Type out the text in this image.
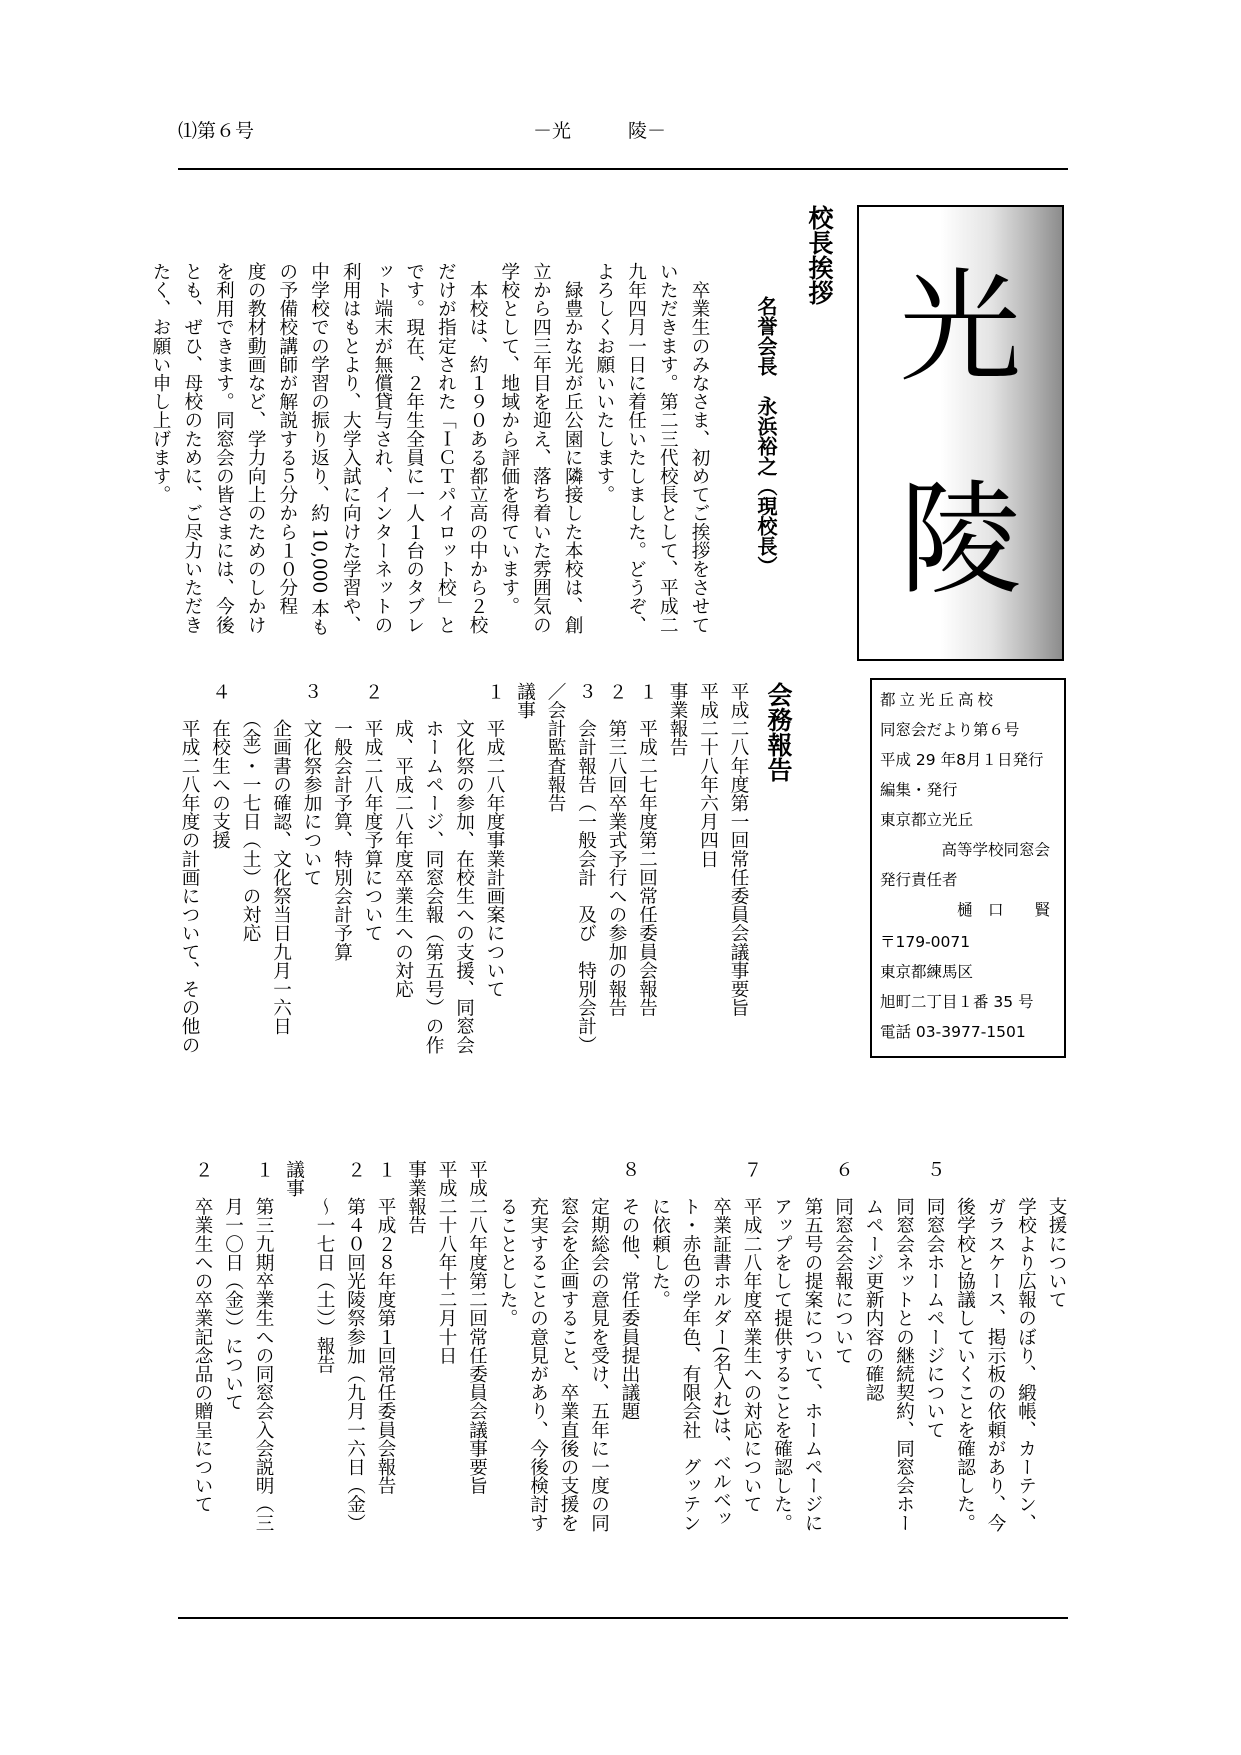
⑴第６号	－光　　　陵－
光
陵
都立光丘高校
同窓会だより第６号
平成 29 年8月１日発行
編集・発行
東京都立光丘
高等学校同窓会
発行責任者
樋　口　　賢
〒179-0071
東京都練馬区
旭町二丁目１番 35 号
電話 03-3977-1501
校長挨拶
名誉会長　永浜裕之（現校長）
　卒業生のみなさま、初めてご挨拶をさせて
いただきます。第二三代校長として、平成二
九年四月一日に着任いたしました。どうぞ、
よろしくお願いいたします。
　緑豊かな光が丘公園に隣接した本校は、創
立から四三年目を迎え、落ち着いた雰囲気の
学校として、地域から評価を得ています。
　本校は、約１９０ある都立高の中から２校
だけが指定された「ＩＣＴパイロット校」と
です。現在、２年生全員に一人１台のタブレ
ット端末が無償貸与され、インターネットの
利用はもとより、大学入試に向けた学習や、
中学校での学習の振り返り、約 10,000 本も
の予備校講師が解説する５分から１０分程
度の教材動画など、学力向上のためのしかけ
を利用できます。同窓会の皆さまには、今後
とも、ぜひ、母校のために、ご尽力いただき
たく、お願い申し上げます。
会務報告
平成二八年度第一回常任委員会議事要旨
平成二十八年六月四日
事業報告
１　平成二七年度第二回常任委員会報告
２　第三八回卒業式予行への参加の報告
３　会計報告（一般会計　及び　特別会計）
／会計監査報告
議事
１　平成二八年度事業計画案について
　　文化祭の参加、在校生への支援、同窓会
　　ホームページ、同窓会報（第五号）の作
　　成、平成二八年度卒業生への対応
２　平成二八年度予算について
　　一般会計予算、特別会計予算
３　文化祭参加について
　　企画書の確認、文化祭当日九月一六日
　　（金）・一七日（土）の対応
４　在校生への支援
　　平成二八年度の計画について、その他の
　　支援について
　　学校より広報のぼり、緞帳、カーテン、
　　ガラスケース、掲示板の依頼があり、今
　　後学校と協議していくことを確認した。
５　同窓会ホームページについて
　　同窓会ネットとの継続契約、同窓会ホー
　　ムページ更新内容の確認
６　同窓会会報について
　　第五号の提案について、ホームページに
　　アップをして提供することを確認した。
７　平成二八年度卒業生への対応について
　　卒業証書ホルダー(名入れ)は、ベルベッ
　　ト・赤色の学年色、有限会社　グッテン
　　に依頼した。
８　その他、常任委員提出議題
　　定期総会の意見を受け、五年に一度の同
　　窓会を企画すること、卒業直後の支援を
　　充実することの意見があり、今後検討す
　　ることとした。
平成二八年度第二回常任委員会議事要旨
平成二十八年十二月十日
事業報告
１　平成２８年度第１回常任委員会報告
２　第４０回光陵祭参加（九月一六日（金）
　　～一七日（土））報告
議事
１　第三九期卒業生への同窓会入会説明（三
　　月一〇日（金））について
２　卒業生への卒業記念品の贈呈について
